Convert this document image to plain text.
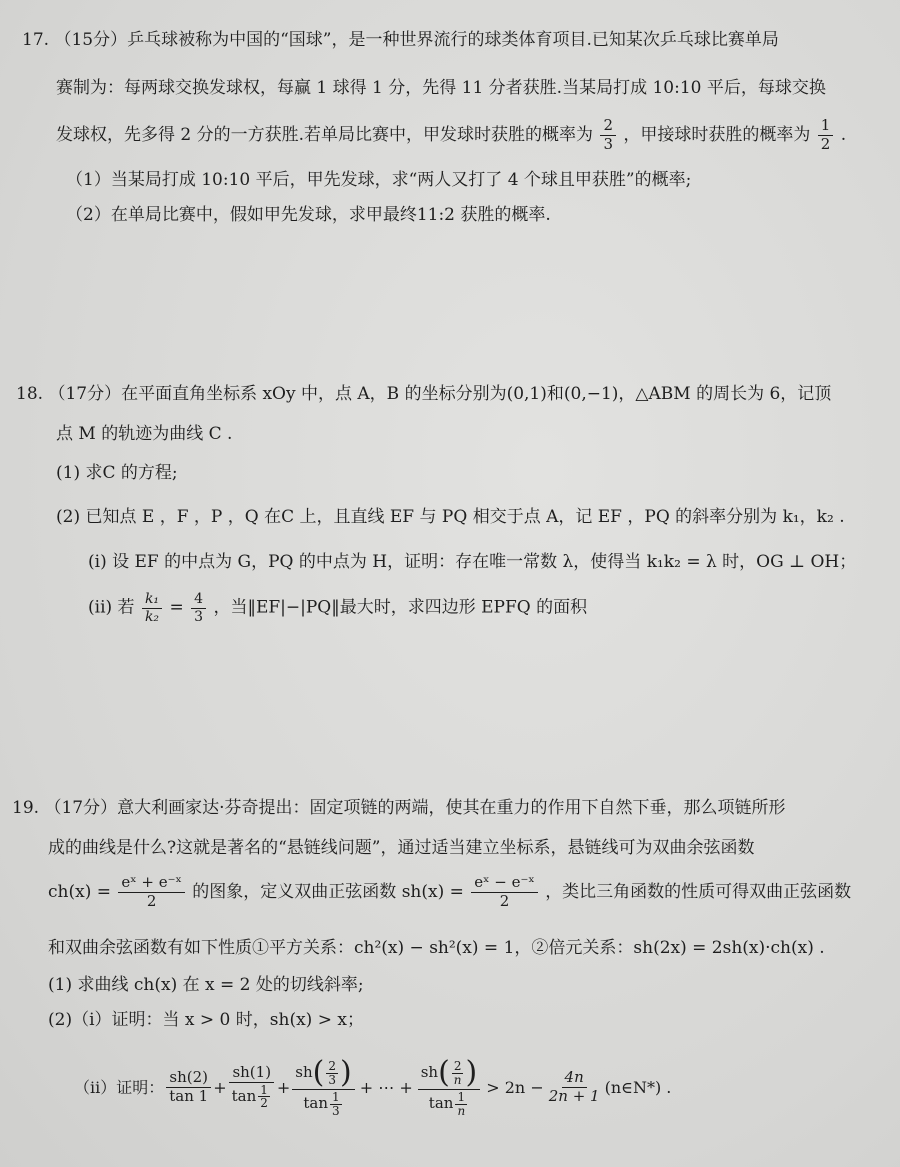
17. （15分）乒乓球被称为中国的“国球”，是一种世界流行的球类体育项目.已知某次乒乓球比赛单局
赛制为：每两球交换发球权，每赢 1 球得 1 分，先得 11 分者获胜.当某局打成 10:10 平后，每球交换
发球权，先多得 2 分的一方获胜.若单局比赛中，甲发球时获胜的概率为 $\frac{2}{3}$ ，甲接球时获胜的概率为 $\frac{1}{2}$ .
（1）当某局打成 10:10 平后，甲先发球，求“两人又打了 4 个球且甲获胜”的概率;
（2）在单局比赛中，假如甲先发球，求甲最终11:2 获胜的概率.
18. （17分）在平面直角坐标系 xOy 中，点 A，B 的坐标分别为(0,1)和(0,−1)，△ABM 的周长为 6，记顶
点 M 的轨迹为曲线 C .
(1) 求C 的方程;
(2) 已知点 E ，F ，P ，Q 在C 上，且直线 EF 与 PQ 相交于点 A，记 EF ，PQ 的斜率分别为 k₁，k₂ .
(i) 设 EF 的中点为 G，PQ 的中点为 H，证明：存在唯一常数 λ，使得当 k₁k₂ = λ 时，OG ⊥ OH；
(ii) 若 $\frac{\text{k₁}}{\text{k₂}} = \frac{4}{3}$ ，当‖EF|−|PQ‖最大时，求四边形 EPFQ 的面积
19. （17分）意大利画家达·芬奇提出：固定项链的两端，使其在重力的作用下自然下垂，那么项链所形
成的曲线是什么?这就是著名的“悬链线问题”，通过适当建立坐标系，悬链线可为双曲余弦函数
$ch(x) = \frac{\text{eˣ + e⁻ˣ}}{2}$ 的图象，定义双曲正弦函数 $sh(x) = \frac{\text{eˣ − e⁻ˣ}}{2}$ ，类比三角函数的性质可得双曲正弦函数
和双曲余弦函数有如下性质①平方关系：ch²(x) − sh²(x) = 1，②倍元关系：sh(2x) = 2sh(x)·ch(x) .
(1) 求曲线 ch(x) 在 x = 2 处的切线斜率;
(2)（i）证明：当 x > 0 时，sh(x) > x；
（ii）证明： $\frac{sh(2)}{\tan 1} + \frac{sh(1)}{\tan \frac{1}{2}}$ +
sh ( $\frac{2}{3}$ )
$\tan \frac{1}{3}$
+ ⋯ +
sh ( $\frac{2}{n}$ )
$\tan \frac{1}{n}$
> $2n - \frac{4n}{2n + 1}$ (n∈N*) .
